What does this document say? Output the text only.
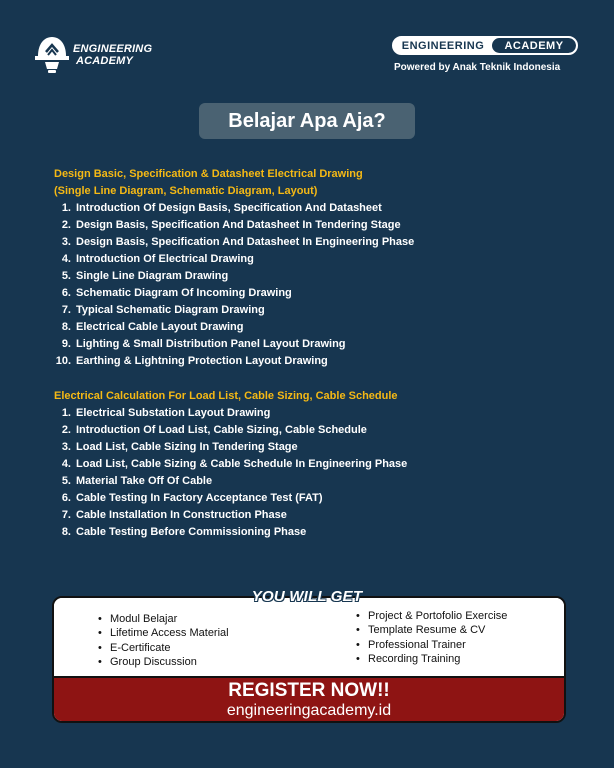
ENGINEERING
ACADEMY
ENGINEERING	ACADEMY
Powered by Anak Teknik Indonesia
Belajar Apa Aja?
Design Basic, Specification & Datasheet Electrical Drawing
(Single Line Diagram, Schematic Diagram, Layout)
1. Introduction Of Design Basis, Specification And Datasheet
2. Design Basis, Specification And Datasheet In Tendering Stage
3. Design Basis, Specification And Datasheet In Engineering Phase
4. Introduction Of Electrical Drawing
5. Single Line Diagram Drawing
6. Schematic Diagram Of Incoming Drawing
7. Typical Schematic Diagram Drawing
8. Electrical Cable Layout Drawing
9. Lighting & Small Distribution Panel Layout Drawing
10. Earthing & Lightning Protection Layout Drawing
Electrical Calculation For Load List, Cable Sizing, Cable Schedule
1. Electrical Substation Layout Drawing
2. Introduction Of Load List, Cable Sizing, Cable Schedule
3. Load List, Cable Sizing In Tendering Stage
4. Load List, Cable Sizing & Cable Schedule In Engineering Phase
5. Material Take Off Of Cable
6. Cable Testing In Factory Acceptance Test (FAT)
7. Cable Installation In Construction Phase
8. Cable Testing Before Commissioning Phase
YOU WILL GET
• Modul Belajar
• Lifetime Access Material
• E-Certificate
• Group Discussion
• Project & Portofolio Exercise
• Template Resume & CV
• Professional Trainer
• Recording Training
REGISTER NOW!!
engineeringacademy.id
